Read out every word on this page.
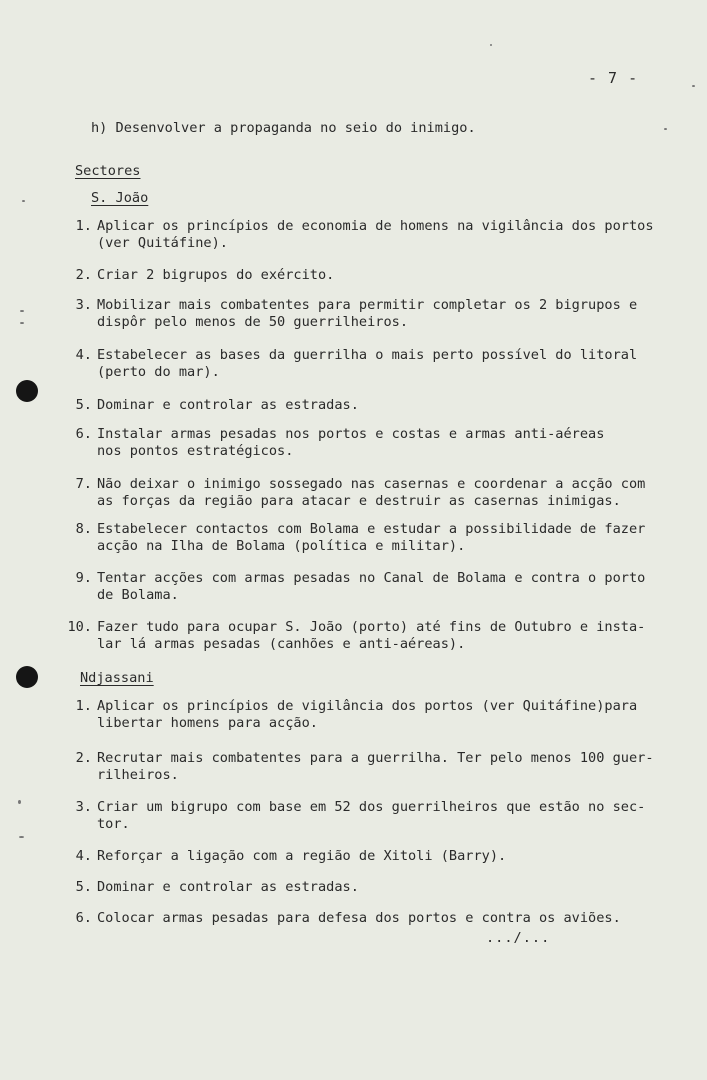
- 7 -
h) Desenvolver a propaganda no seio do inimigo.
Sectores
S. João
1. Aplicar os princípios de economia de homens na vigilância dos portos
(ver Quitáfine).
2. Criar 2 bigrupos do exército.
3. Mobilizar mais combatentes para permitir completar os 2 bigrupos e
dispôr pelo menos de 50 guerrilheiros.
4. Estabelecer as bases da guerrilha o mais perto possível do litoral
(perto do mar).
5. Dominar e controlar as estradas.
6. Instalar armas pesadas nos portos e costas e armas anti-aéreas
nos pontos estratégicos.
7. Não deixar o inimigo sossegado nas casernas e coordenar a acção com
as forças da região para atacar e destruir as casernas inimigas.
8. Estabelecer contactos com Bolama e estudar a possibilidade de fazer
acção na Ilha de Bolama (política e militar).
9. Tentar acções com armas pesadas no Canal de Bolama e contra o porto
de Bolama.
10. Fazer tudo para ocupar S. João (porto) até fins de Outubro e insta-
lar lá armas pesadas (canhões e anti-aéreas).
Ndjassani
1. Aplicar os princípios de vigilância dos portos (ver Quitáfine)para
libertar homens para acção.
2. Recrutar mais combatentes para a guerrilha. Ter pelo menos 100 guer-
rilheiros.
3. Criar um bigrupo com base em 52 dos guerrilheiros que estão no sec-
tor.
4. Reforçar a ligação com a região de Xitoli (Barry).
5. Dominar e controlar as estradas.
6. Colocar armas pesadas para defesa dos portos e contra os aviões.
.../...
